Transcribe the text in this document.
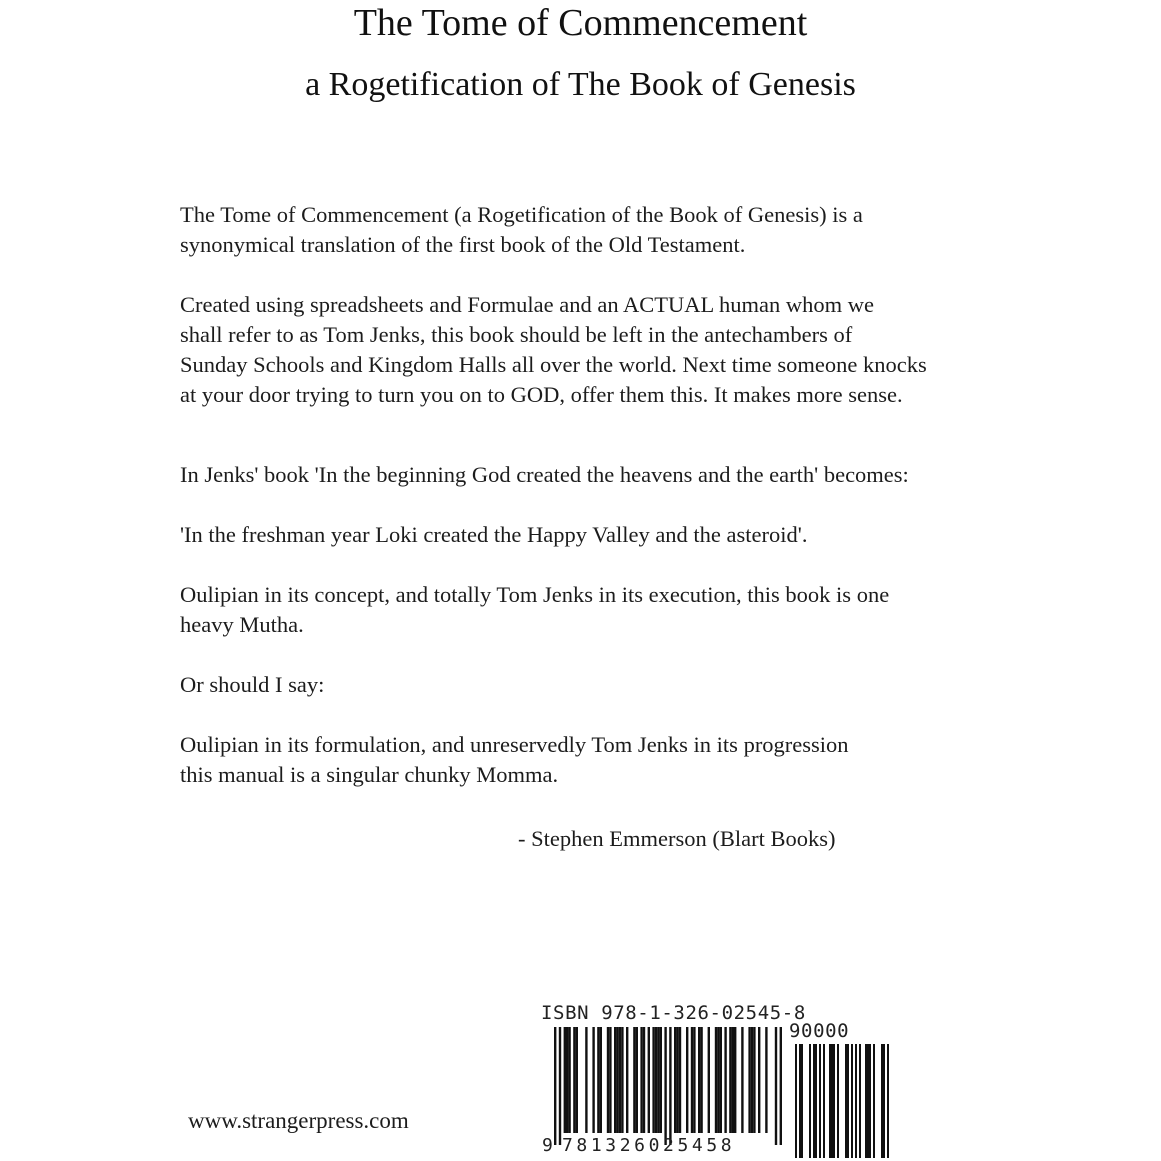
The Tome of Commencement
a Rogetification of The Book of Genesis

The Tome of Commencement (a Rogetification of the Book of Genesis) is a
synonymical translation of the first book of the Old Testament.

Created using spreadsheets and Formulae and an ACTUAL human whom we
shall refer to as Tom Jenks, this book should be left in the antechambers of
Sunday Schools and Kingdom Halls all over the world. Next time someone knocks
at your door trying to turn you on to GOD, offer them this. It makes more sense.

In Jenks' book 'In the beginning God created the heavens and the earth' becomes:

'In the freshman year Loki created the Happy Valley and the asteroid'.

Oulipian in its concept, and totally Tom Jenks in its execution, this book is one
heavy Mutha.

Or should I say:

Oulipian in its formulation, and unreservedly Tom Jenks in its progression
this manual is a singular chunky Momma.

- Stephen Emmerson (Blart Books)
www.strangerpress.com
ISBN 978-1-326-02545-8
90000
9 781326025458
